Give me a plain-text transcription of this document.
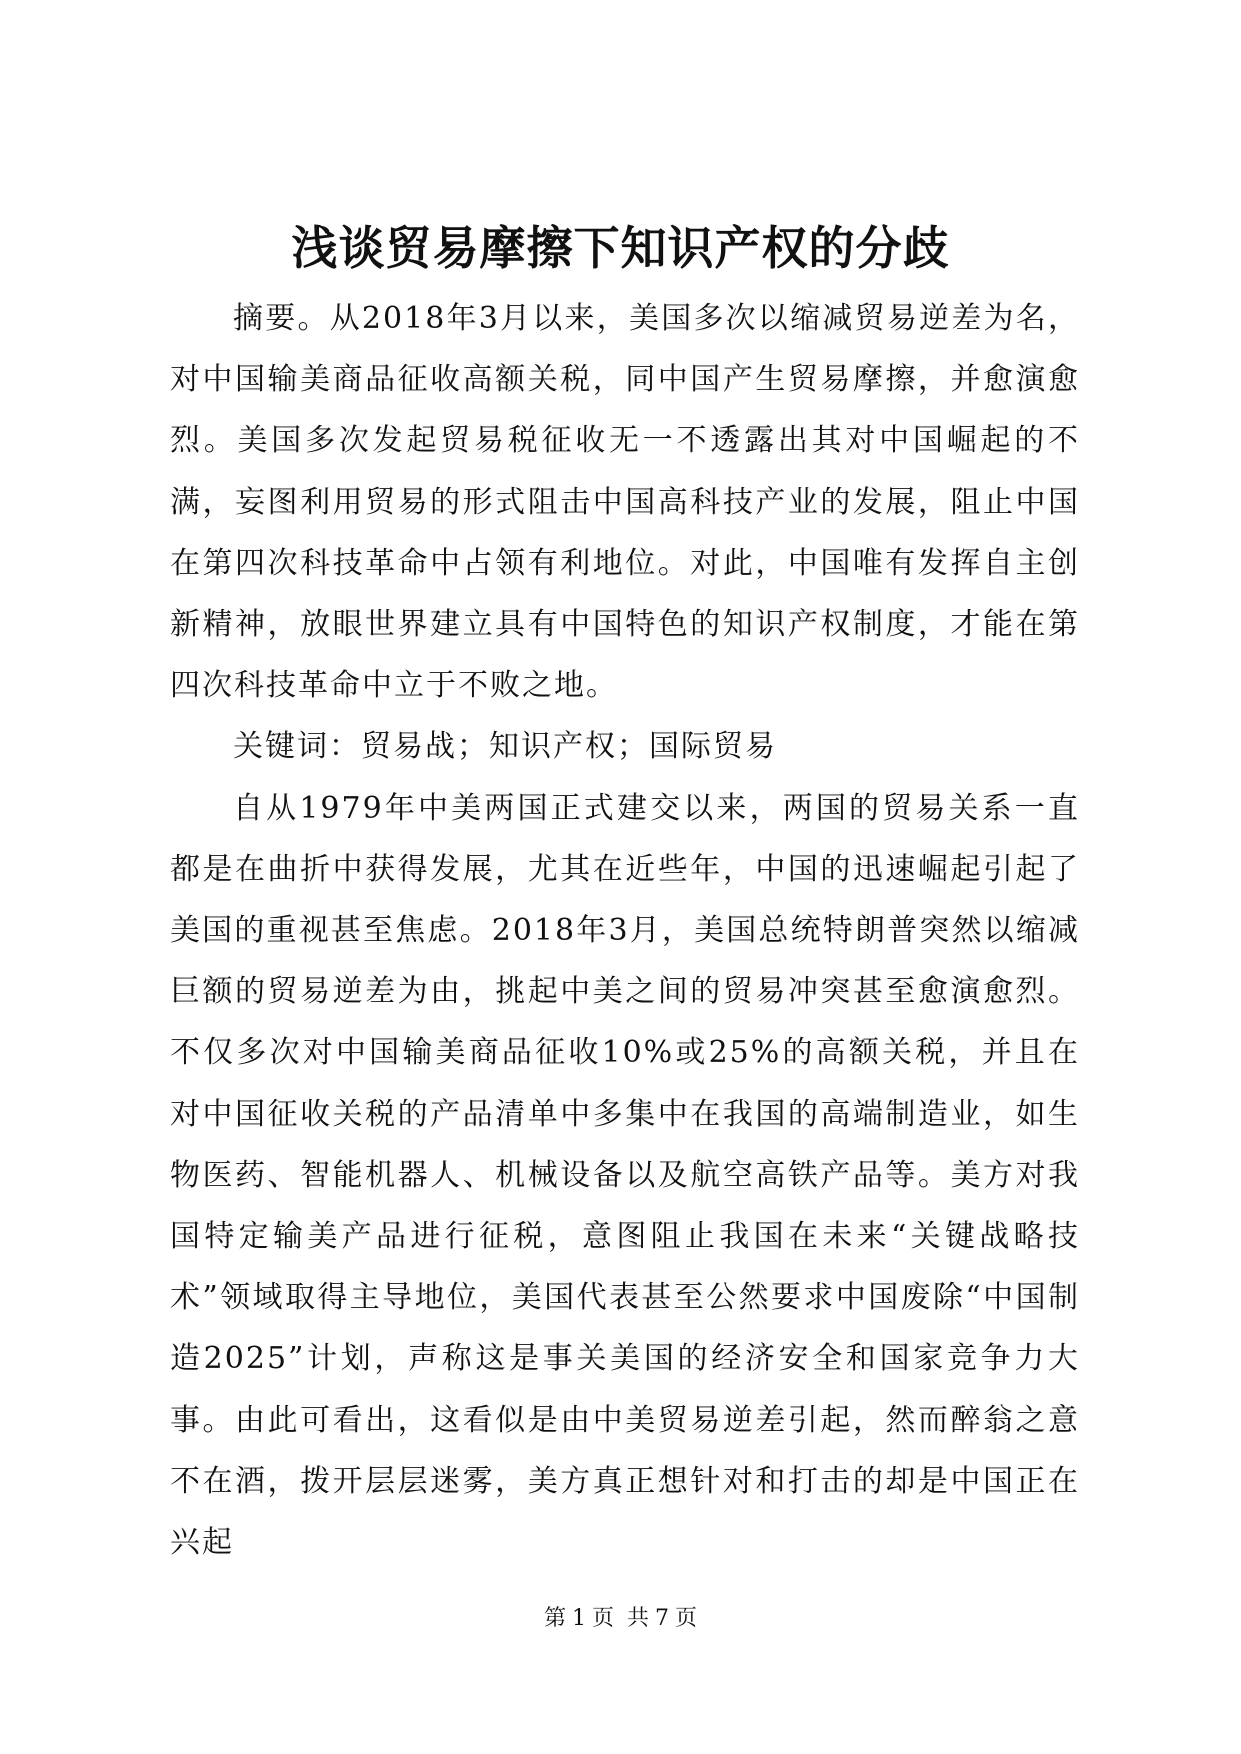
浅谈贸易摩擦下知识产权的分歧

摘要。从2018年3月以来，美国多次以缩减贸易逆差为名，对中国输美商品征收高额关税，同中国产生贸易摩擦，并愈演愈烈。美国多次发起贸易税征收无一不透露出其对中国崛起的不满，妄图利用贸易的形式阻击中国高科技产业的发展，阻止中国在第四次科技革命中占领有利地位。对此，中国唯有发挥自主创新精神，放眼世界建立具有中国特色的知识产权制度，才能在第四次科技革命中立于不败之地。

关键词：贸易战；知识产权；国际贸易

自从1979年中美两国正式建交以来，两国的贸易关系一直都是在曲折中获得发展，尤其在近些年，中国的迅速崛起引起了美国的重视甚至焦虑。2018年3月，美国总统特朗普突然以缩减巨额的贸易逆差为由，挑起中美之间的贸易冲突甚至愈演愈烈。不仅多次对中国输美商品征收10%或25%的高额关税，并且在对中国征收关税的产品清单中多集中在我国的高端制造业，如生物医药、智能机器人、机械设备以及航空高铁产品等。美方对我国特定输美产品进行征税，意图阻止我国在未来“关键战略技术”领域取得主导地位，美国代表甚至公然要求中国废除“中国制造2025”计划，声称这是事关美国的经济安全和国家竞争力大事。由此可看出，这看似是由中美贸易逆差引起，然而醉翁之意不在酒，拨开层层迷雾，美方真正想针对和打击的却是中国正在兴起

第 1 页 共 7 页
